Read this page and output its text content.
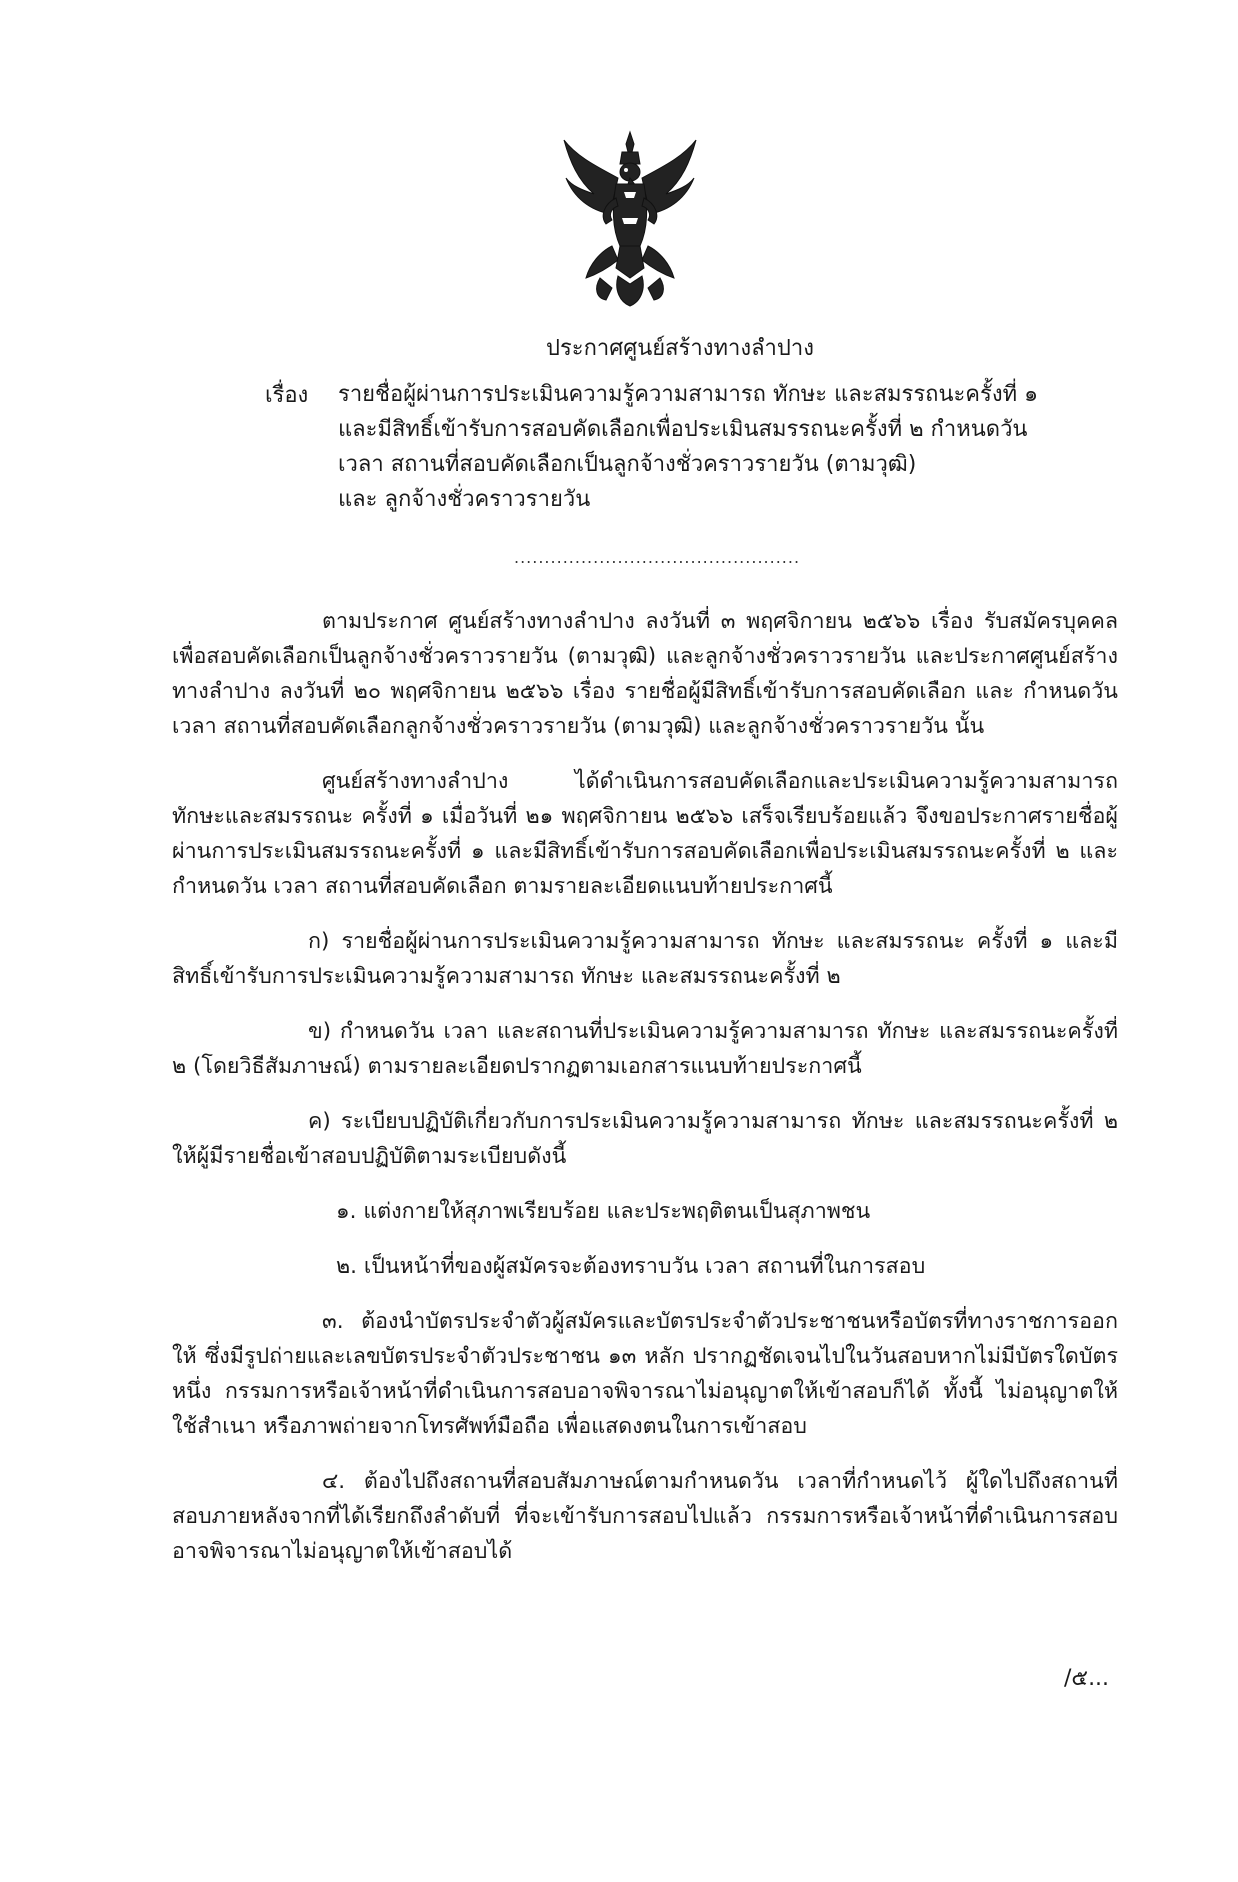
ประกาศศูนย์สร้างทางลำปาง
เรื่อง รายชื่อผู้ผ่านการประเมินความรู้ความสามารถ ทักษะ และสมรรถนะครั้งที่ ๑
และมีสิทธิ์เข้ารับการสอบคัดเลือกเพื่อประเมินสมรรถนะครั้งที่ ๒ กำหนดวัน
เวลา สถานที่สอบคัดเลือกเป็นลูกจ้างชั่วคราวรายวัน (ตามวุฒิ)
และ ลูกจ้างชั่วคราวรายวัน
...............................................

ตามประกาศ ศูนย์สร้างทางลำปาง ลงวันที่ ๓ พฤศจิกายน ๒๕๖๖ เรื่อง รับสมัครบุคคลเพื่อสอบคัดเลือกเป็นลูกจ้างชั่วคราวรายวัน (ตามวุฒิ) และลูกจ้างชั่วคราวรายวัน และประกาศศูนย์สร้างทางลำปาง ลงวันที่ ๒๐ พฤศจิกายน ๒๕๖๖ เรื่อง รายชื่อผู้มีสิทธิ์เข้ารับการสอบคัดเลือก และ กำหนดวัน เวลา สถานที่สอบคัดเลือกลูกจ้างชั่วคราวรายวัน (ตามวุฒิ) และลูกจ้างชั่วคราวรายวัน นั้น

ศูนย์สร้างทางลำปาง ได้ดำเนินการสอบคัดเลือกและประเมินความรู้ความสามารถ ทักษะและสมรรถนะ ครั้งที่ ๑ เมื่อวันที่ ๒๑ พฤศจิกายน ๒๕๖๖ เสร็จเรียบร้อยแล้ว จึงขอประกาศรายชื่อผู้ผ่านการประเมินสมรรถนะครั้งที่ ๑ และมีสิทธิ์เข้ารับการสอบคัดเลือกเพื่อประเมินสมรรถนะครั้งที่ ๒ และกำหนดวัน เวลา สถานที่สอบคัดเลือก ตามรายละเอียดแนบท้ายประกาศนี้

ก) รายชื่อผู้ผ่านการประเมินความรู้ความสามารถ ทักษะ และสมรรถนะ ครั้งที่ ๑ และมีสิทธิ์เข้ารับการประเมินความรู้ความสามารถ ทักษะ และสมรรถนะครั้งที่ ๒

ข) กำหนดวัน เวลา และสถานที่ประเมินความรู้ความสามารถ ทักษะ และสมรรถนะครั้งที่ ๒ (โดยวิธีสัมภาษณ์) ตามรายละเอียดปรากฏตามเอกสารแนบท้ายประกาศนี้

ค) ระเบียบปฏิบัติเกี่ยวกับการประเมินความรู้ความสามารถ ทักษะ และสมรรถนะครั้งที่ ๒ ให้ผู้มีรายชื่อเข้าสอบปฏิบัติตามระเบียบดังนี้

๑. แต่งกายให้สุภาพเรียบร้อย และประพฤติตนเป็นสุภาพชน

๒. เป็นหน้าที่ของผู้สมัครจะต้องทราบวัน เวลา สถานที่ในการสอบ

๓. ต้องนำบัตรประจำตัวผู้สมัครและบัตรประจำตัวประชาชนหรือบัตรที่ทางราชการออกให้ ซึ่งมีรูปถ่ายและเลขบัตรประจำตัวประชาชน ๑๓ หลัก ปรากฏชัดเจนไปในวันสอบหากไม่มีบัตรใดบัตรหนึ่ง กรรมการหรือเจ้าหน้าที่ดำเนินการสอบอาจพิจารณาไม่อนุญาตให้เข้าสอบก็ได้ ทั้งนี้ ไม่อนุญาตให้ใช้สำเนา หรือภาพถ่ายจากโทรศัพท์มือถือ เพื่อแสดงตนในการเข้าสอบ

๔. ต้องไปถึงสถานที่สอบสัมภาษณ์ตามกำหนดวัน เวลาที่กำหนดไว้ ผู้ใดไปถึงสถานที่สอบภายหลังจากที่ได้เรียกถึงลำดับที่ ที่จะเข้ารับการสอบไปแล้ว กรรมการหรือเจ้าหน้าที่ดำเนินการสอบอาจพิจารณาไม่อนุญาตให้เข้าสอบได้

/๕...
